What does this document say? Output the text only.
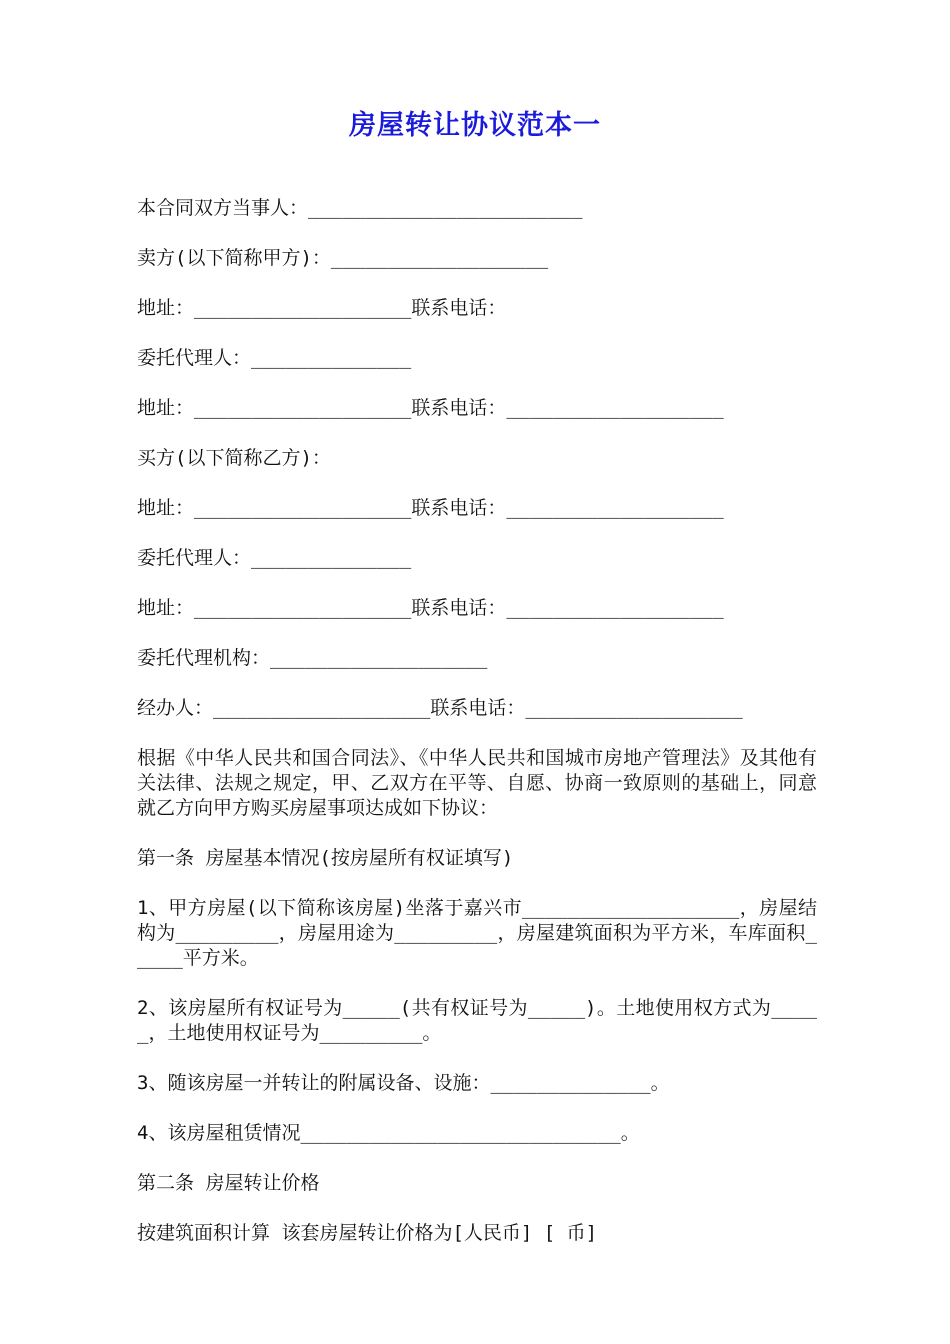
房屋转让协议范本一
本合同双方当事人：________________________
卖方(以下简称甲方)：___________________
地址：___________________联系电话：
委托代理人：______________
地址：___________________联系电话：___________________
买方(以下简称乙方)：
地址：___________________联系电话：___________________
委托代理人：______________
地址：___________________联系电话：___________________
委托代理机构：___________________
经办人：___________________联系电话：___________________
根据《中华人民共和国合同法》、《中华人民共和国城市房地产管理法》及其他有关法律、法规之规定，甲、乙双方在平等、自愿、协商一致原则的基础上，同意就乙方向甲方购买房屋事项达成如下协议：
第一条 房屋基本情况(按房屋所有权证填写)
1、甲方房屋(以下简称该房屋)坐落于嘉兴市___________________，房屋结构为_________，房屋用途为_________，房屋建筑面积为平方米，车库面积_____平方米。
2、该房屋所有权证号为_____(共有权证号为_____)。土地使用权方式为_____，土地使用权证号为_________。
3、随该房屋一并转让的附属设备、设施：______________。
4、该房屋租赁情况____________________________。
第二条 房屋转让价格
按建筑面积计算 该套房屋转让价格为[人民币] [ 币]
